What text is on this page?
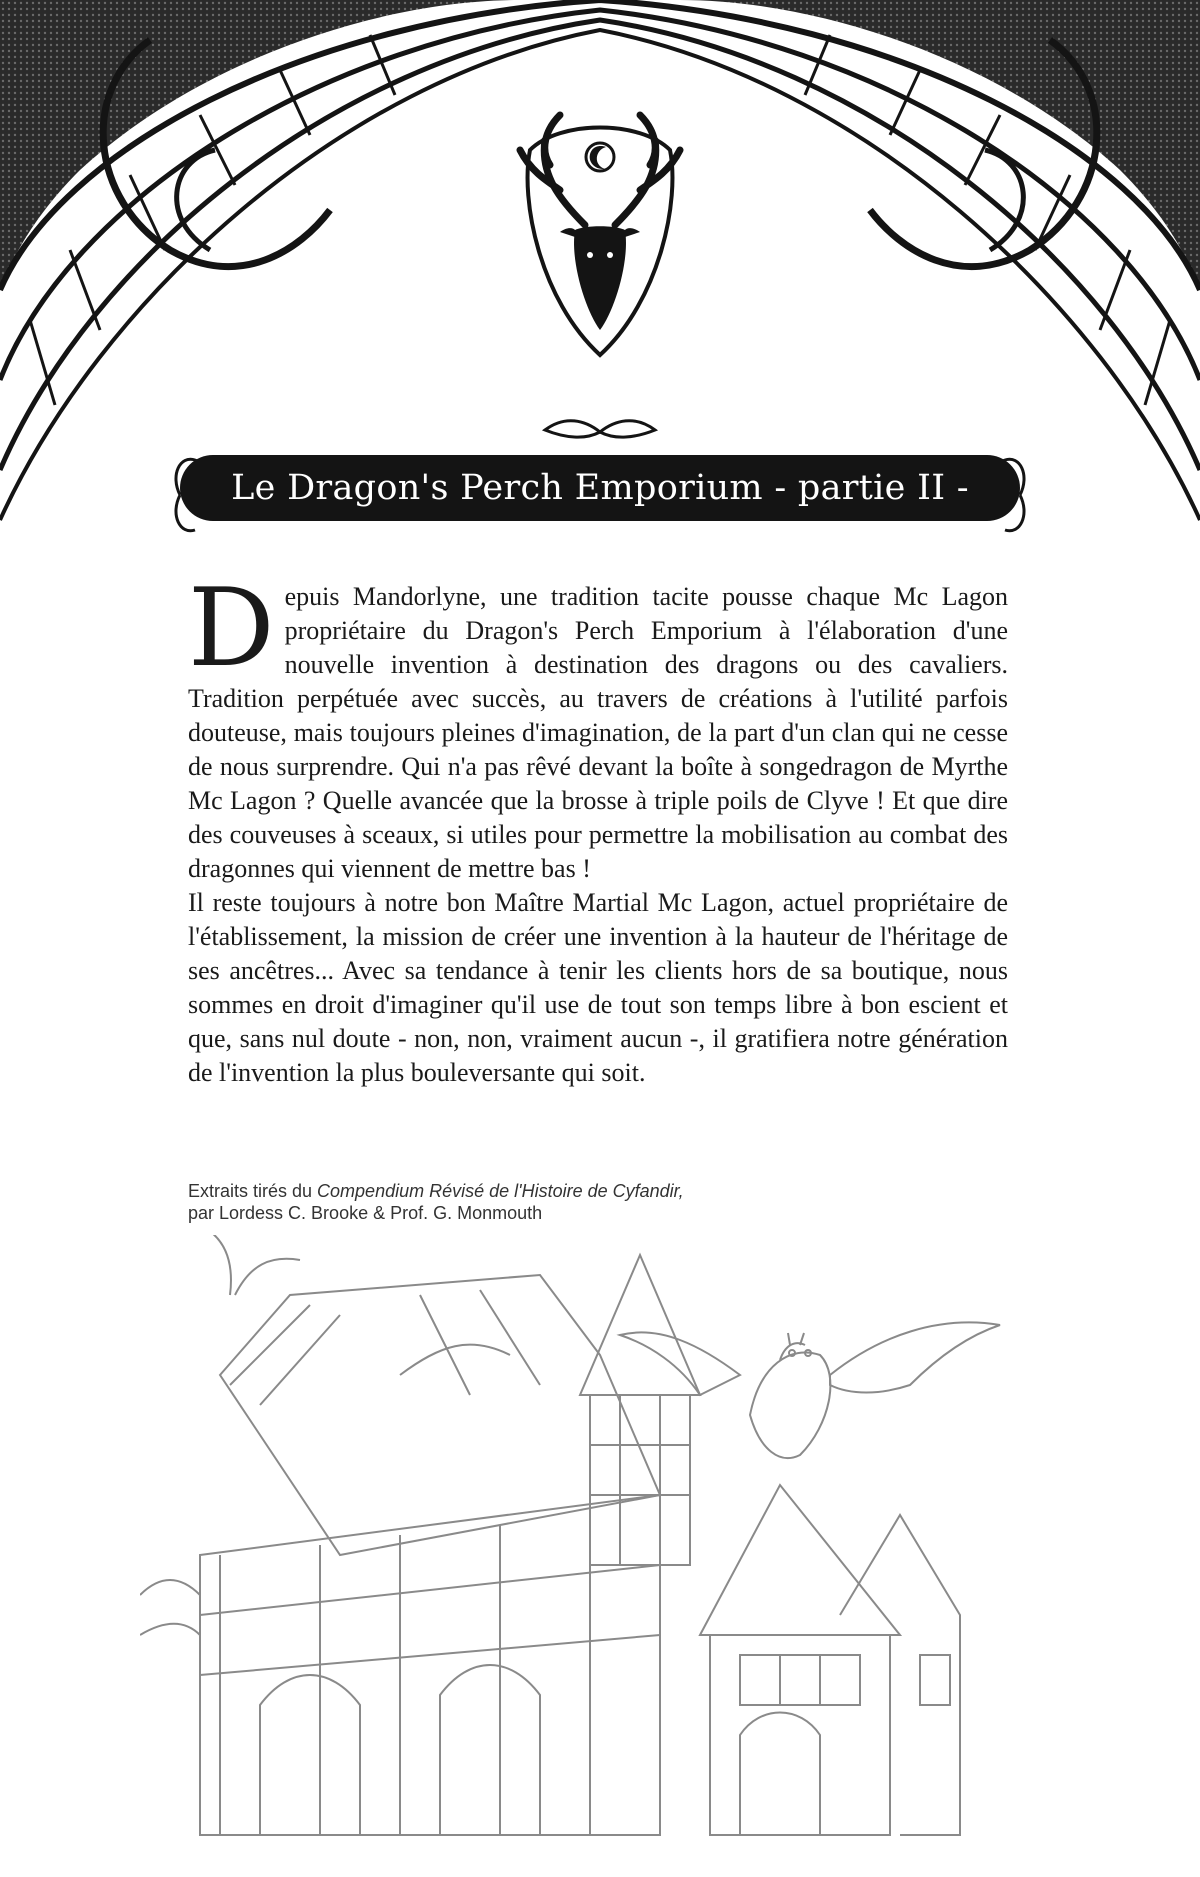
Le Dragon's Perch Emporium - partie II -

Depuis Mandorlyne, une tradition tacite pousse chaque Mc Lagon propriétaire du Dragon's Perch Emporium à l'élaboration d'une nouvelle invention à destination des dragons ou des cavaliers. Tradition perpétuée avec succès, au travers de créations à l'utilité parfois douteuse, mais toujours pleines d'imagination, de la part d'un clan qui ne cesse de nous surprendre. Qui n'a pas rêvé devant la boîte à songedragon de Myrthe Mc Lagon ? Quelle avancée que la brosse à triple poils de Clyve ! Et que dire des couveuses à sceaux, si utiles pour permettre la mobilisation au combat des dragonnes qui viennent de mettre bas !

Il reste toujours à notre bon Maître Martial Mc Lagon, actuel propriétaire de l'établissement, la mission de créer une invention à la hauteur de l'héritage de ses ancêtres... Avec sa tendance à tenir les clients hors de sa boutique, nous sommes en droit d'imaginer qu'il use de tout son temps libre à bon escient et que, sans nul doute - non, non, vraiment aucun -, il gratifiera notre génération de l'invention la plus bouleversante qui soit.

Extraits tirés du Compendium Révisé de l'Histoire de Cyfandir,
par Lordess C. Brooke & Prof. G. Monmouth
